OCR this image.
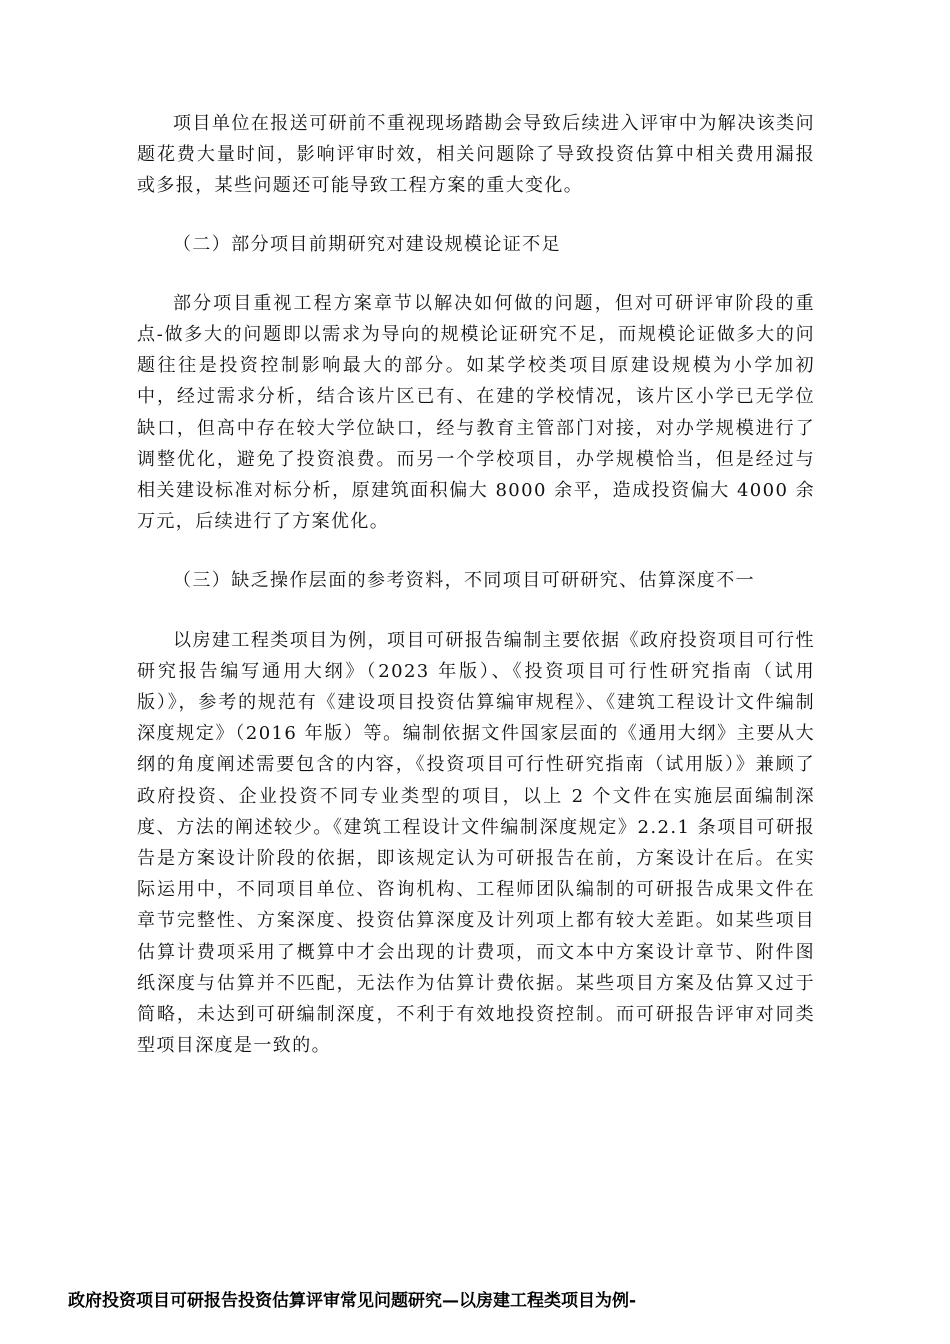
项目单位在报送可研前不重视现场踏勘会导致后续进入评审中为解决该类问题花费大量时间，影响评审时效，相关问题除了导致投资估算中相关费用漏报或多报，某些问题还可能导致工程方案的重大变化。

（二）部分项目前期研究对建设规模论证不足

部分项目重视工程方案章节以解决如何做的问题，但对可研评审阶段的重点-做多大的问题即以需求为导向的规模论证研究不足，而规模论证做多大的问题往往是投资控制影响最大的部分。如某学校类项目原建设规模为小学加初中，经过需求分析，结合该片区已有、在建的学校情况，该片区小学已无学位缺口，但高中存在较大学位缺口，经与教育主管部门对接，对办学规模进行了调整优化，避免了投资浪费。而另一个学校项目，办学规模恰当，但是经过与相关建设标准对标分析，原建筑面积偏大 8000 余平，造成投资偏大 4000 余万元，后续进行了方案优化。

（三）缺乏操作层面的参考资料，不同项目可研研究、估算深度不一

以房建工程类项目为例，项目可研报告编制主要依据《政府投资项目可行性研究报告编写通用大纲》（2023 年版）、《投资项目可行性研究指南（试用版）》，参考的规范有《建设项目投资估算编审规程》、《建筑工程设计文件编制深度规定》（2016 年版）等。编制依据文件国家层面的《通用大纲》主要从大纲的角度阐述需要包含的内容，《投资项目可行性研究指南（试用版）》兼顾了政府投资、企业投资不同专业类型的项目，以上 2 个文件在实施层面编制深度、方法的阐述较少。《建筑工程设计文件编制深度规定》2.2.1 条项目可研报告是方案设计阶段的依据，即该规定认为可研报告在前，方案设计在后。在实际运用中，不同项目单位、咨询机构、工程师团队编制的可研报告成果文件在章节完整性、方案深度、投资估算深度及计列项上都有较大差距。如某些项目估算计费项采用了概算中才会出现的计费项，而文本中方案设计章节、附件图纸深度与估算并不匹配，无法作为估算计费依据。某些项目方案及估算又过于简略，未达到可研编制深度，不利于有效地投资控制。而可研报告评审对同类型项目深度是一致的。

政府投资项目可研报告投资估算评审常见问题研究—以房建工程类项目为例-
